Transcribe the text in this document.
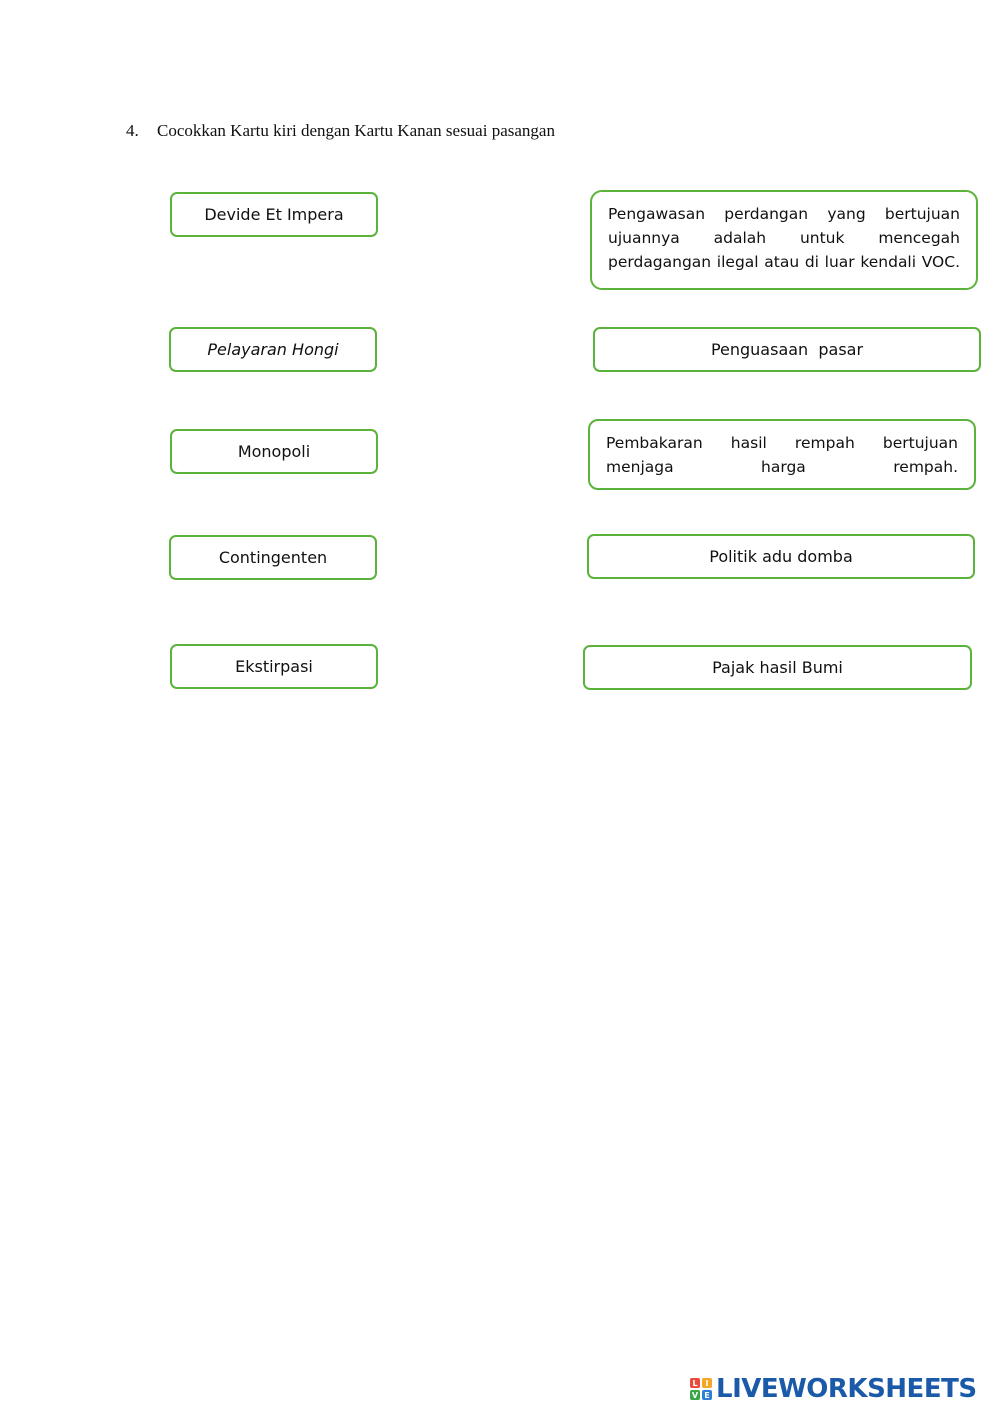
4. Cocokkan Kartu kiri dengan Kartu Kanan sesuai pasangan
Devide Et Impera
Pelayaran Hongi
Monopoli
Contingenten
Ekstirpasi
Pengawasan perdangan yang bertujuan ujuannya adalah untuk mencegah perdagangan ilegal atau di luar kendali VOC.
Penguasaan  pasar
Pembakaran hasil rempah bertujuan menjaga harga rempah.
Politik adu domba
Pajak hasil Bumi
L I
V E LIVEWORKSHEETS
